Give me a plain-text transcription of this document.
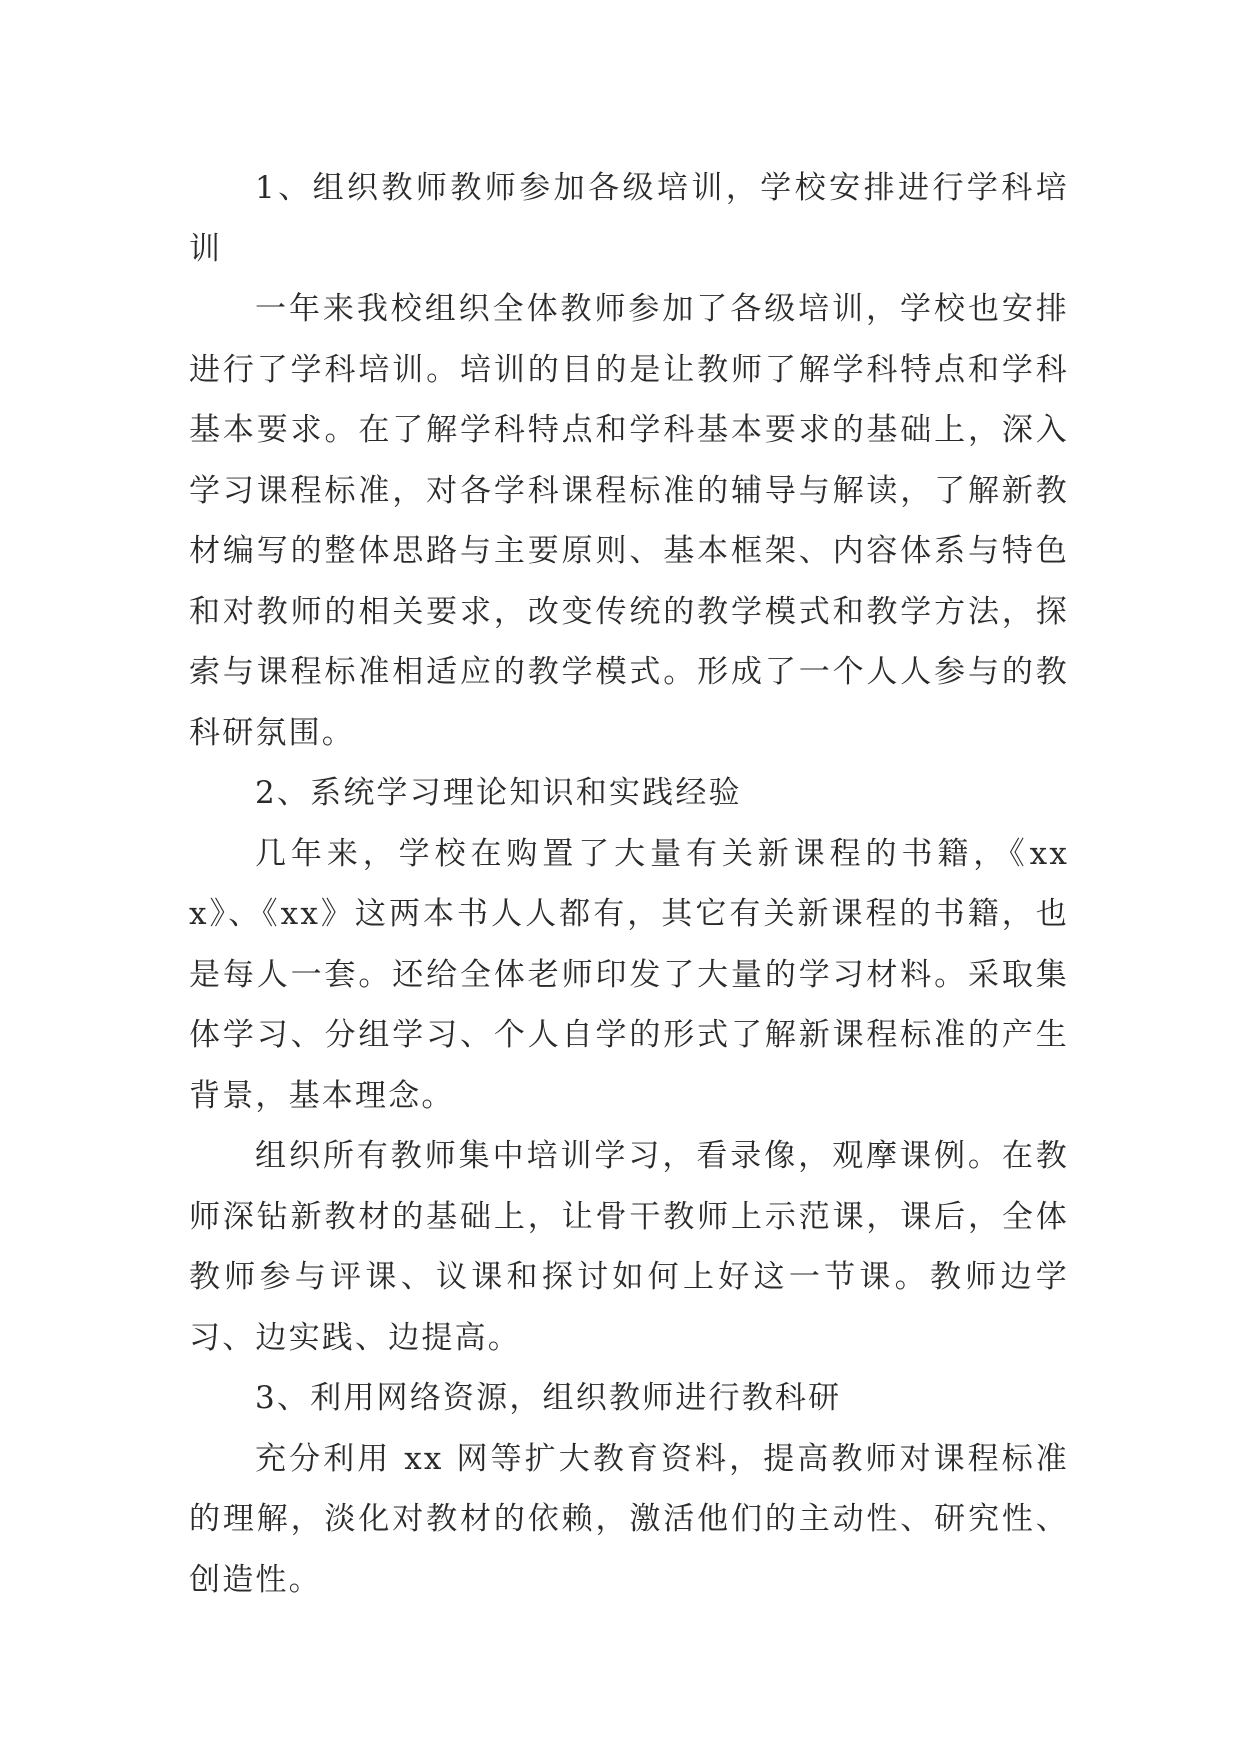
1、组织教师教师参加各级培训，学校安排进行学科培训

一年来我校组织全体教师参加了各级培训，学校也安排进行了学科培训。培训的目的是让教师了解学科特点和学科基本要求。在了解学科特点和学科基本要求的基础上，深入学习课程标准，对各学科课程标准的辅导与解读，了解新教材编写的整体思路与主要原则、基本框架、内容体系与特色和对教师的相关要求，改变传统的教学模式和教学方法，探索与课程标准相适应的教学模式。形成了一个人人参与的教科研氛围。

2、系统学习理论知识和实践经验

几年来，学校在购置了大量有关新课程的书籍，《xxx》、《xx》这两本书人人都有，其它有关新课程的书籍，也是每人一套。还给全体老师印发了大量的学习材料。采取集体学习、分组学习、个人自学的形式了解新课程标准的产生背景，基本理念。

组织所有教师集中培训学习，看录像，观摩课例。在教师深钻新教材的基础上，让骨干教师上示范课，课后，全体教师参与评课、议课和探讨如何上好这一节课。教师边学习、边实践、边提高。

3、利用网络资源，组织教师进行教科研

充分利用 xx 网等扩大教育资料，提高教师对课程标准的理解，淡化对教材的依赖，激活他们的主动性、研究性、创造性。
